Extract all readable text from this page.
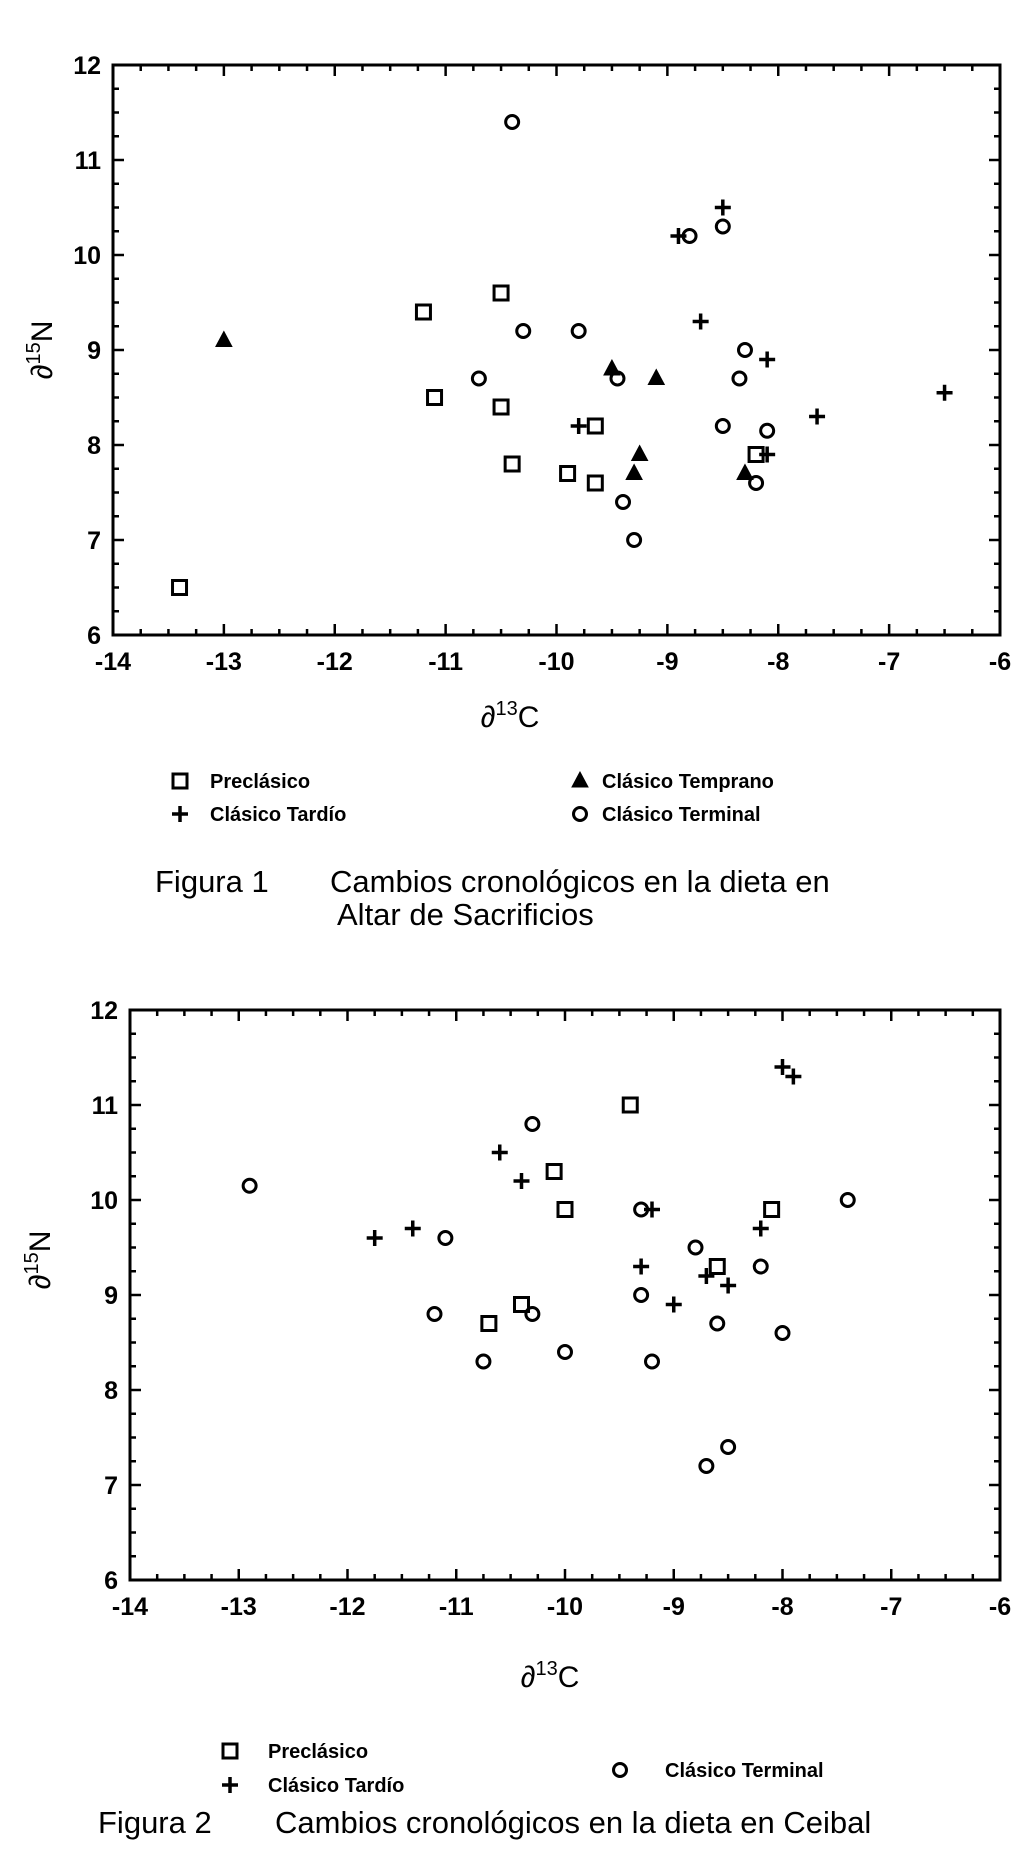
-14	-13	-12	-11	-10	-9	-8	-7	-6
6
7
8
9
10
11
12
∂$^{15}$N
∂$^{13}$C
Preclásico	Clásico Temprano
Clásico Tardío	Clásico Terminal
Figura 1 Cambios cronológicos en la dieta en
Altar de Sacrificios
-14	-13	-12	-11	-10	-9	-8	-7	-6
6
7
8
9
10
11
12
∂$^{15}$N
∂$^{13}$C
Preclásico
Clásico Tardío
Clásico Terminal
Figura 2 Cambios cronológicos en la dieta en Ceibal
